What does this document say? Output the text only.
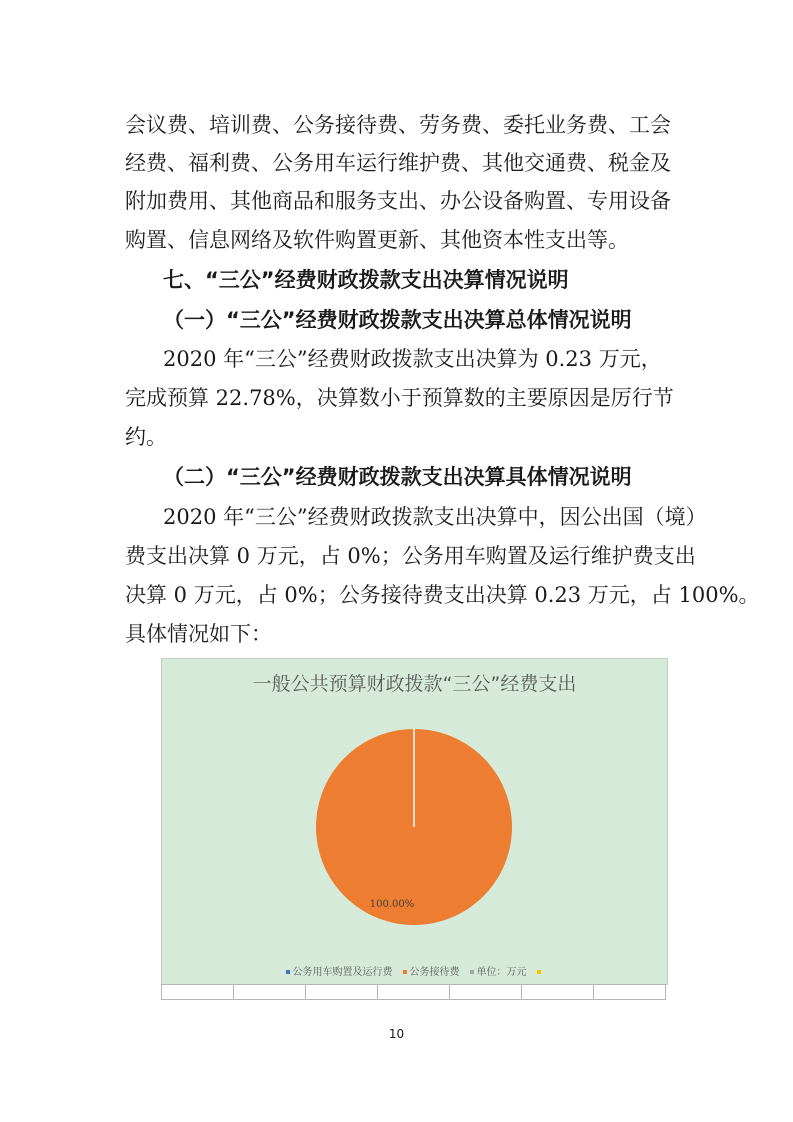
会议费、培训费、公务接待费、劳务费、委托业务费、工会
经费、福利费、公务用车运行维护费、其他交通费、税金及
附加费用、其他商品和服务支出、办公设备购置、专用设备
购置、信息网络及软件购置更新、其他资本性支出等。
七、“三公”经费财政拨款支出决算情况说明
（一）“三公”经费财政拨款支出决算总体情况说明
2020 年“三公”经费财政拨款支出决算为 0.23 万元，
完成预算 22.78%，决算数小于预算数的主要原因是厉行节
约。
（二）“三公”经费财政拨款支出决算具体情况说明
2020 年“三公”经费财政拨款支出决算中，因公出国（境）
费支出决算 0 万元，占 0%；公务用车购置及运行维护费支出
决算 0 万元，占 0%；公务接待费支出决算 0.23 万元，占 100%。
具体情况如下：
一般公共预算财政拨款“三公”经费支出
100.00%
公务用车购置及运行费 公务接待费 单位：万元
10
